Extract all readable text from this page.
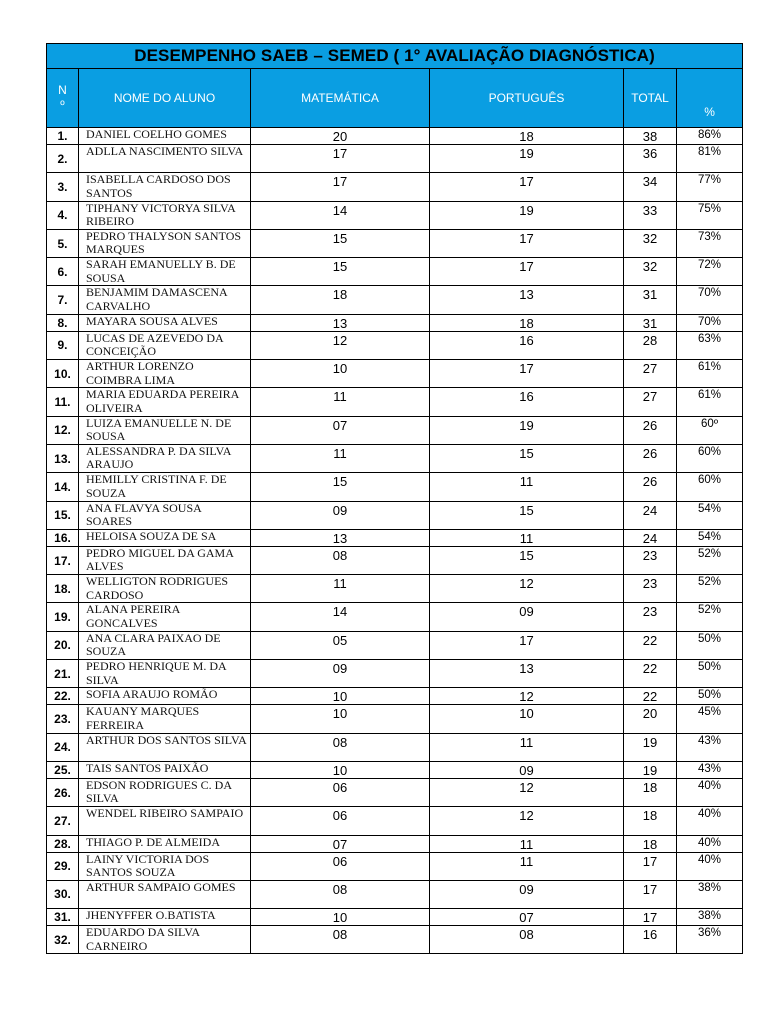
DESEMPENHO SAEB – SEMED ( 1° AVALIAÇÃO DIAGNÓSTICA)					
N
º	NOME DO ALUNO	MATEMÁTICA	PORTUGUÊS	TOTAL	%
1.	DANIEL COELHO GOMES	20	18	38	86%
2.	ADLLA NASCIMENTO SILVA	17	19	36	81%
3.	ISABELLA CARDOSO DOS SANTOS	17	17	34	77%
4.	TIPHANY VICTORYA SILVA RIBEIRO	14	19	33	75%
5.	PEDRO THALYSON SANTOS MARQUES	15	17	32	73%
6.	SARAH EMANUELLY B. DE SOUSA	15	17	32	72%
7.	BENJAMIM DAMASCENA CARVALHO	18	13	31	70%
8.	MAYARA SOUSA ALVES	13	18	31	70%
9.	LUCAS DE AZEVEDO DA CONCEIÇÃO	12	16	28	63%
10.	ARTHUR LORENZO COIMBRA LIMA	10	17	27	61%
11.	MARIA EDUARDA PEREIRA OLIVEIRA	11	16	27	61%
12.	LUIZA EMANUELLE N. DE SOUSA	07	19	26	60º
13.	ALESSANDRA P. DA SILVA ARAUJO	11	15	26	60%
14.	HEMILLY CRISTINA F. DE SOUZA	15	11	26	60%
15.	ANA FLAVYA SOUSA SOARES	09	15	24	54%
16.	HELOISA SOUZA DE SA	13	11	24	54%
17.	PEDRO MIGUEL DA GAMA ALVES	08	15	23	52%
18.	WELLIGTON RODRIGUES CARDOSO	11	12	23	52%
19.	ALANA PEREIRA GONCALVES	14	09	23	52%
20.	ANA CLARA PAIXAO DE SOUZA	05	17	22	50%
21.	PEDRO HENRIQUE M. DA SILVA	09	13	22	50%
22.	SOFIA ARAUJO ROMÃO	10	12	22	50%
23.	KAUANY MARQUES FERREIRA	10	10	20	45%
24.	ARTHUR DOS SANTOS SILVA	08	11	19	43%
25.	TAIS SANTOS PAIXÃO	10	09	19	43%
26.	EDSON RODRIGUES C. DA SILVA	06	12	18	40%
27.	WENDEL RIBEIRO SAMPAIO	06	12	18	40%
28.	THIAGO P. DE ALMEIDA	07	11	18	40%
29.	LAINY VICTORIA DOS SANTOS SOUZA	06	11	17	40%
30.	ARTHUR SAMPAIO GOMES	08	09	17	38%
31.	JHENYFFER O.BATISTA	10	07	17	38%
32.	EDUARDO DA SILVA CARNEIRO	08	08	16	36%
